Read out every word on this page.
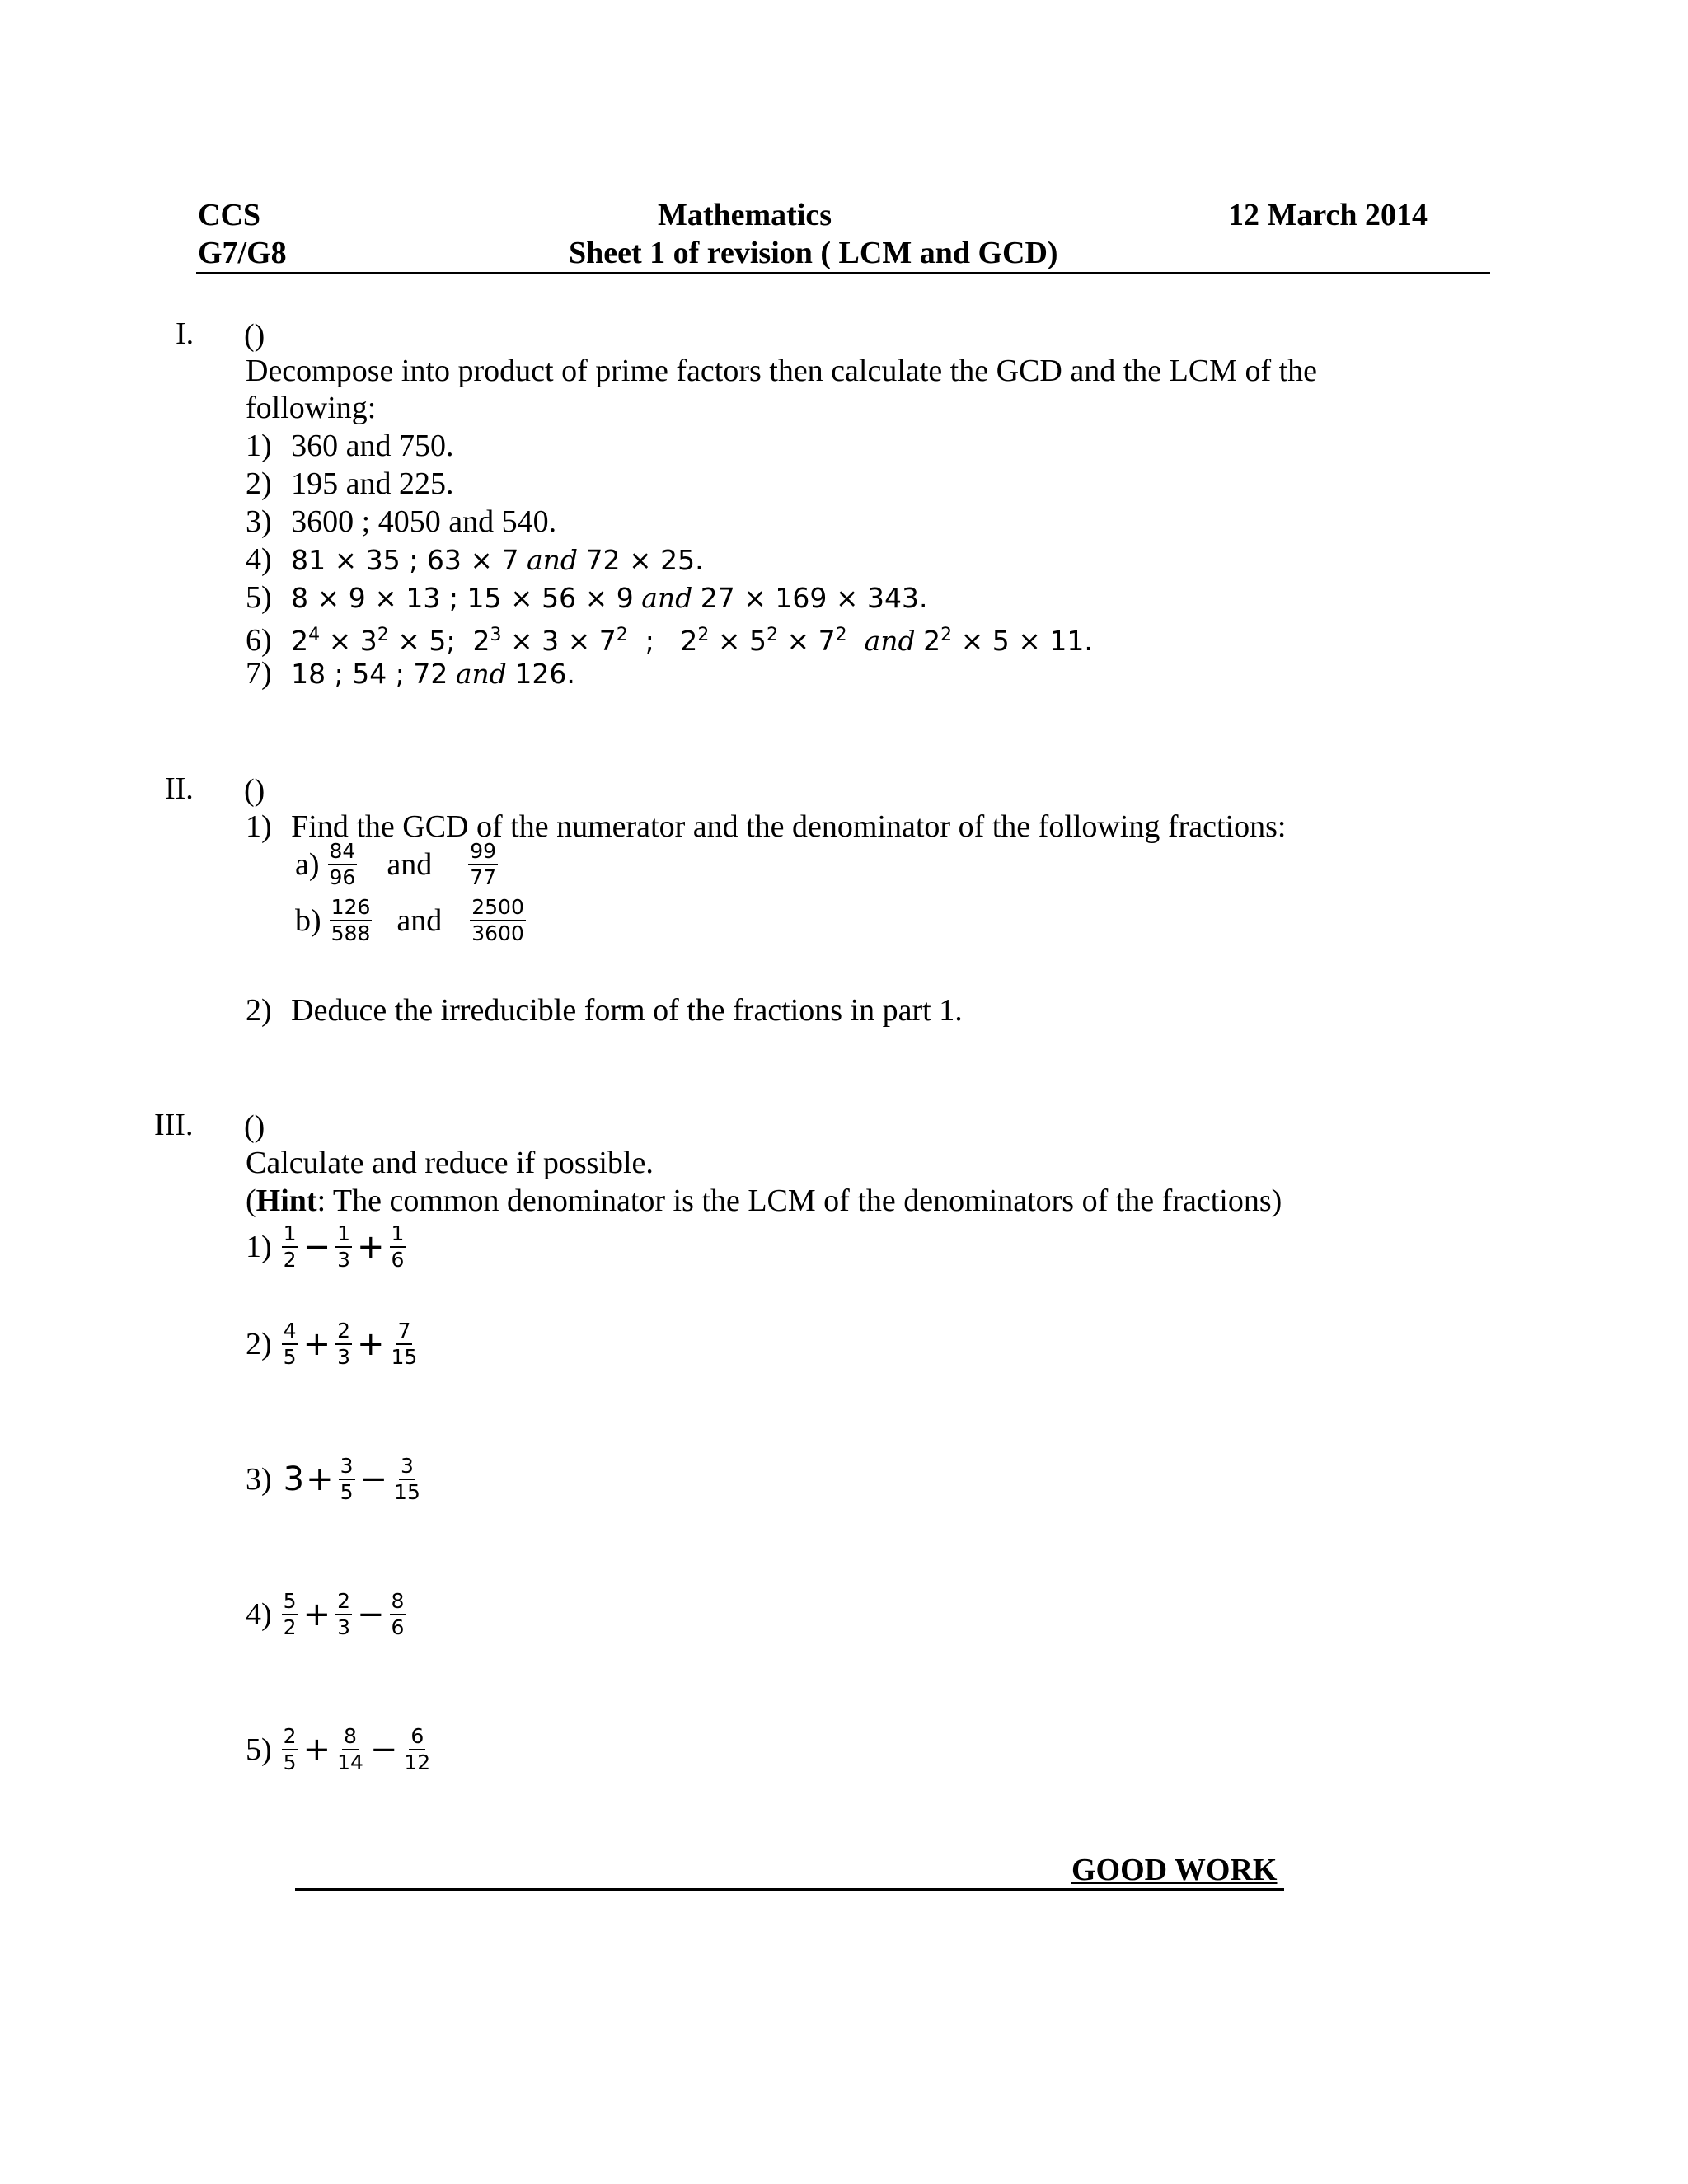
CCS
G7/G8
Mathematics
Sheet 1 of revision ( LCM and GCD)
12 March 2014
I. ()
Decompose into product of prime factors then calculate the GCD and the LCM of the
following:
1) 360 and 750.
2) 195 and 225.
3) 3600 ; 4050 and 540.
4) 81 × 35 ; 63 × 7 and 72 × 25.
5) 8 × 9 × 13 ; 15 × 56 × 9 and 27 × 169 × 343.
6) $2^4 \times 3^2 \times 5$;  $2^3 \times 3 \times 7^2$  ;   $2^2 \times 5^2 \times 7^2$ and $2^2 \times 5 \times 11$.
7) 18 ; 54 ; 72 and 126.
II. ()
1) Find the GCD of the numerator and the denominator of the following fractions:
$a) \frac{84}{96}$ and $\frac{99}{77}$
$b) \frac{126}{588}$ and $\frac{2500}{3600}$
2) Deduce the irreducible form of the fractions in part 1.
III. ()
Calculate and reduce if possible.
(Hint: The common denominator is the LCM of the denominators of the fractions)
$1) \frac{1}{2} - \frac{1}{3} + \frac{1}{6}$
$2) \frac{4}{5} + \frac{2}{3} + \frac{7}{15}$
3) $3 + \frac{3}{5} - \frac{3}{15}$
$4) \frac{5}{2} + \frac{2}{3} - \frac{8}{6}$
$5) \frac{2}{5} + \frac{8}{14} - \frac{6}{12}$
GOOD WORK
